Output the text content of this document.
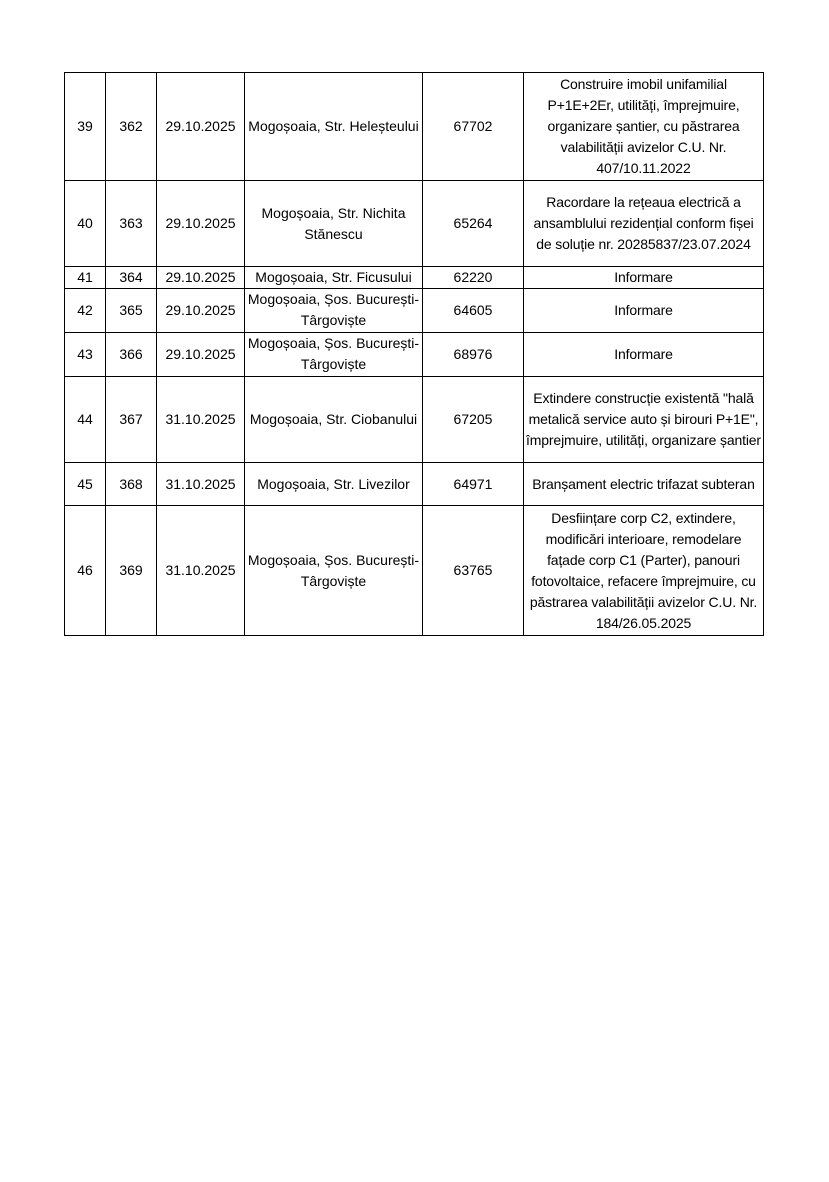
39	362	29.10.2025	Mogoșoaia, Str. Heleșteului	67702	Construire imobil unifamilial P+1E+2Er, utilități, împrejmuire, organizare șantier, cu păstrarea valabilității avizelor C.U. Nr. 407/10.11.2022
40	363	29.10.2025	Mogoșoaia, Str. Nichita Stănescu	65264	Racordare la rețeaua electrică a ansamblului rezidențial conform fișei de soluție nr. 20285837/23.07.2024
41	364	29.10.2025	Mogoșoaia, Str. Ficusului	62220	Informare
42	365	29.10.2025	Mogoșoaia, Șos. București-Târgoviște	64605	Informare
43	366	29.10.2025	Mogoșoaia, Șos. București-Târgoviște	68976	Informare
44	367	31.10.2025	Mogoșoaia, Str. Ciobanului	67205	Extindere construcție existentă "hală metalică service auto și birouri P+1E", împrejmuire, utilități, organizare șantier
45	368	31.10.2025	Mogoșoaia, Str. Livezilor	64971	Branșament electric trifazat subteran
46	369	31.10.2025	Mogoșoaia, Șos. București-Târgoviște	63765	Desființare corp C2, extindere, modificări interioare, remodelare fațade corp C1 (Parter), panouri fotovoltaice, refacere împrejmuire, cu păstrarea valabilității avizelor C.U. Nr. 184/26.05.2025
